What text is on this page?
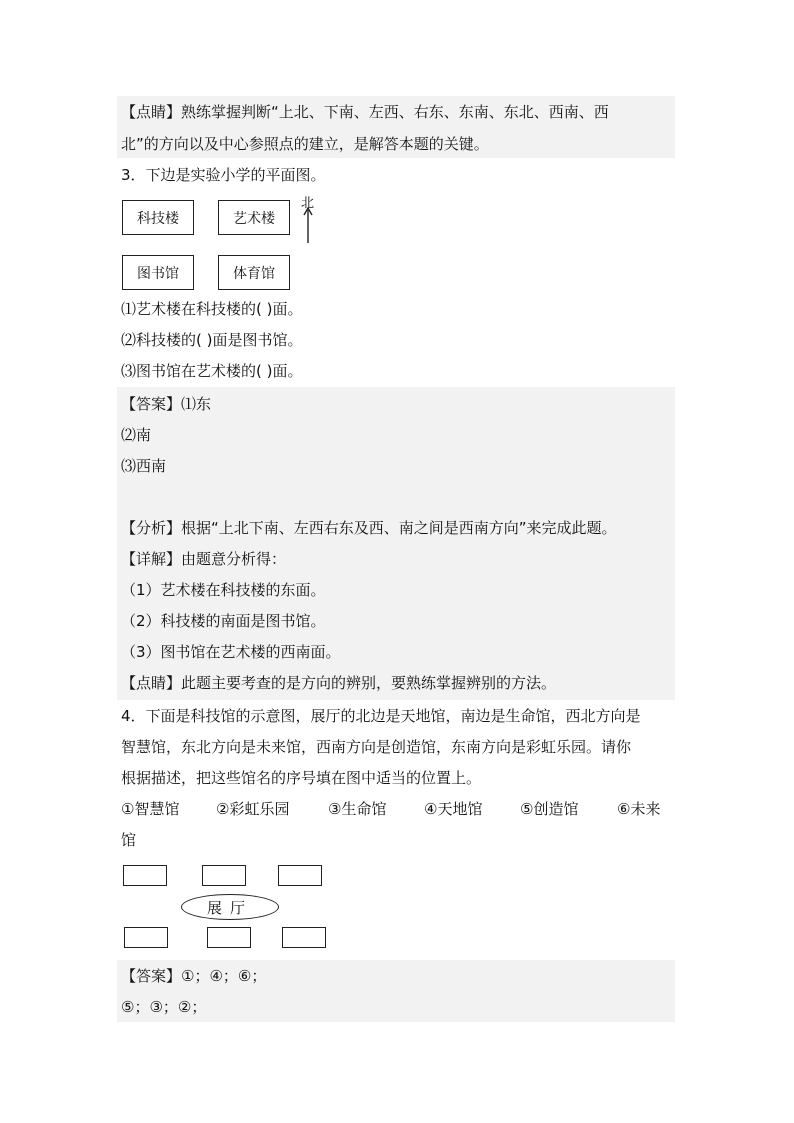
【点睛】熟练掌握判断“上北、下南、左西、右东、东南、东北、西南、西
北”的方向以及中心参照点的建立，是解答本题的关键。
3．下边是实验小学的平面图。
科技楼	艺术楼
图书馆	体育馆
北
⑴艺术楼在科技楼的( )面。
⑵科技楼的( )面是图书馆。
⑶图书馆在艺术楼的( )面。
【答案】⑴东
⑵南
⑶西南
【分析】根据“上北下南、左西右东及西、南之间是西南方向”来完成此题。
【详解】由题意分析得：
（1）艺术楼在科技楼的东面。
（2）科技楼的南面是图书馆。
（3）图书馆在艺术楼的西南面。
【点睛】此题主要考查的是方向的辨别，要熟练掌握辨别的方法。
4．下面是科技馆的示意图，展厅的北边是天地馆，南边是生命馆，西北方向是
智慧馆，东北方向是未来馆，西南方向是创造馆，东南方向是彩虹乐园。请你
根据描述，把这些馆名的序号填在图中适当的位置上。
①智慧馆 ②彩虹乐园	③生命馆	④天地馆	⑤创造馆	⑥未来
馆
展厅
【答案】①；④；⑥；
⑤；③；②；
